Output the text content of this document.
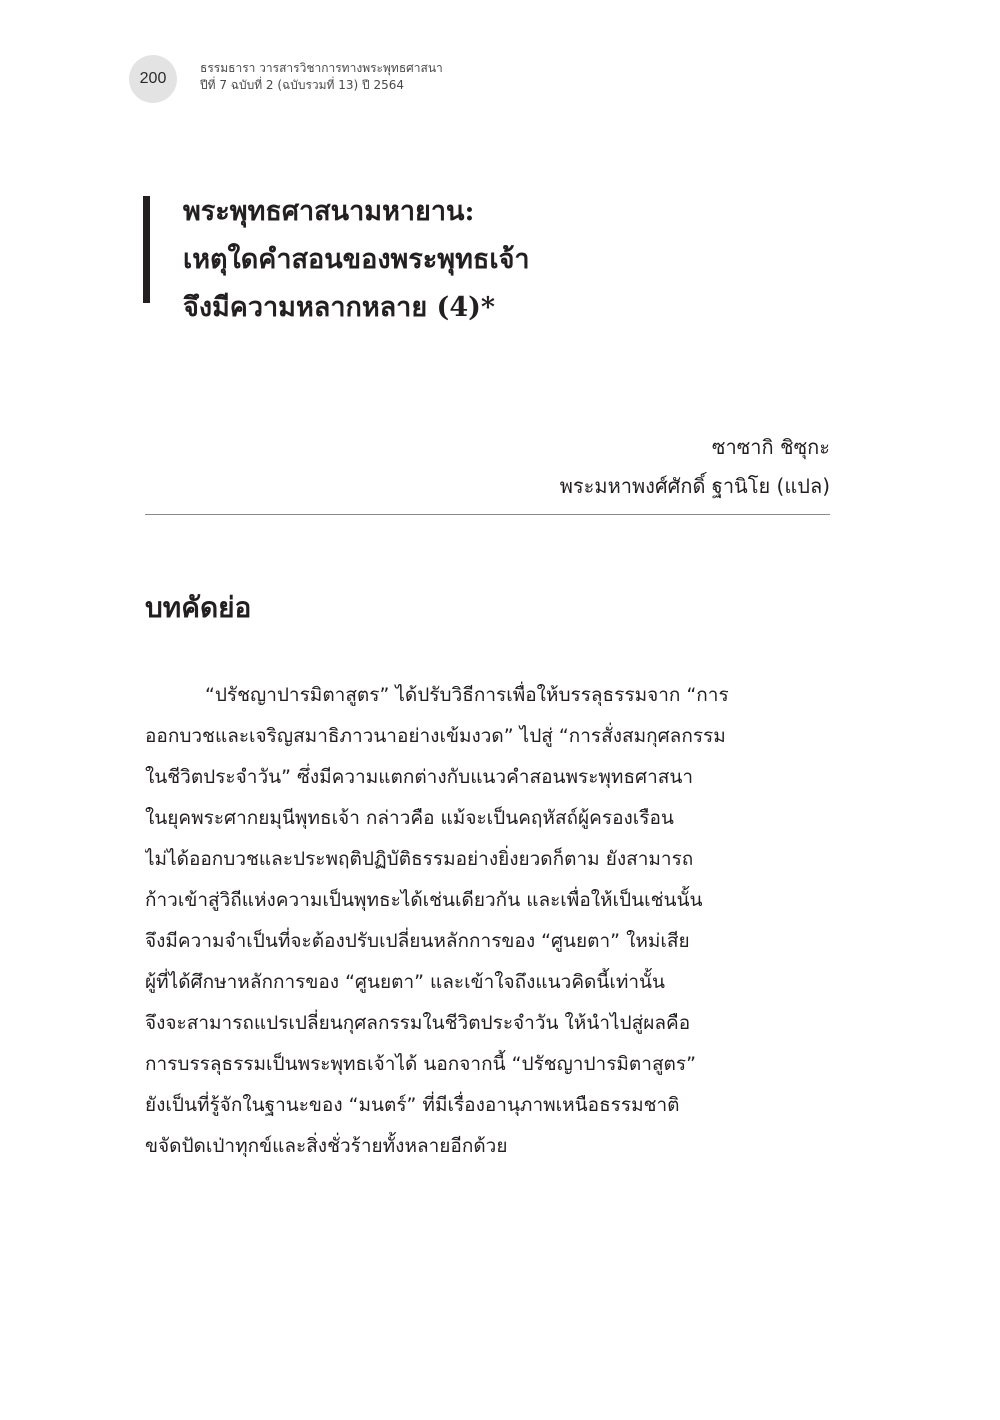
200
ธรรมธารา วารสารวิชาการทางพระพุทธศาสนา
ปีที่ 7 ฉบับที่ 2 (ฉบับรวมที่ 13) ปี 2564
พระพุทธศาสนามหายาน:
เหตุใดคำสอนของพระพุทธเจ้า
จึงมีความหลากหลาย (4)*
ซาซากิ ชิซุกะ
พระมหาพงศ์ศักดิ์ ฐานิโย (แปล)
บทคัดย่อ
“ปรัชญาปารมิตาสูตร” ได้ปรับวิธีการเพื่อให้บรรลุธรรมจาก “การ
ออกบวชและเจริญสมาธิภาวนาอย่างเข้มงวด” ไปสู่ “การสั่งสมกุศลกรรม
ในชีวิตประจำวัน” ซึ่งมีความแตกต่างกับแนวคำสอนพระพุทธศาสนา
ในยุคพระศากยมุนีพุทธเจ้า กล่าวคือ แม้จะเป็นคฤหัสถ์ผู้ครองเรือน
ไม่ได้ออกบวชและประพฤติปฏิบัติธรรมอย่างยิ่งยวดก็ตาม ยังสามารถ
ก้าวเข้าสู่วิถีแห่งความเป็นพุทธะได้เช่นเดียวกัน และเพื่อให้เป็นเช่นนั้น
จึงมีความจำเป็นที่จะต้องปรับเปลี่ยนหลักการของ “ศูนยตา” ใหม่เสีย
ผู้ที่ได้ศึกษาหลักการของ “ศูนยตา” และเข้าใจถึงแนวคิดนี้เท่านั้น
จึงจะสามารถแปรเปลี่ยนกุศลกรรมในชีวิตประจำวัน ให้นำไปสู่ผลคือ
การบรรลุธรรมเป็นพระพุทธเจ้าได้ นอกจากนี้ “ปรัชญาปารมิตาสูตร”
ยังเป็นที่รู้จักในฐานะของ “มนตร์” ที่มีเรื่องอานุภาพเหนือธรรมชาติ
ขจัดปัดเป่าทุกข์และสิ่งชั่วร้ายทั้งหลายอีกด้วย
